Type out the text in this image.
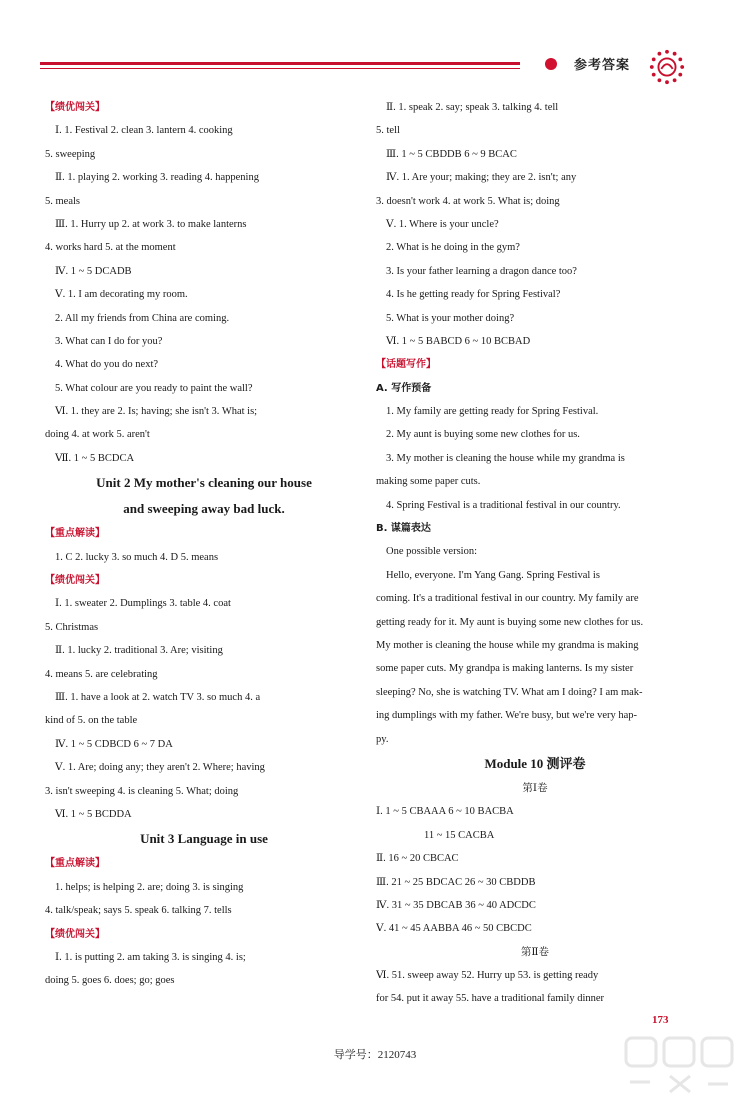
参考答案
【绩优闯关】
Ⅰ. 1. Festival 2. clean 3. lantern 4. cooking
5. sweeping
Ⅱ. 1. playing 2. working 3. reading 4. happening
5. meals
Ⅲ. 1. Hurry up 2. at work 3. to make lanterns
4. works hard 5. at the moment
Ⅳ. 1 ~ 5 DCADB
Ⅴ. 1. I am decorating my room.
2. All my friends from China are coming.
3. What can I do for you?
4. What do you do next?
5. What colour are you ready to paint the wall?
Ⅵ. 1. they are 2. Is; having; she isn't 3. What is;
doing 4. at work 5. aren't
Ⅶ. 1 ~ 5 BCDCA
Unit 2 My mother's cleaning our house
and sweeping away bad luck.
【重点解读】
1. C 2. lucky 3. so much 4. D 5. means
【绩优闯关】
Ⅰ. 1. sweater 2. Dumplings 3. table 4. coat
5. Christmas
Ⅱ. 1. lucky 2. traditional 3. Are; visiting
4. means 5. are celebrating
Ⅲ. 1. have a look at 2. watch TV 3. so much 4. a
kind of 5. on the table
Ⅳ. 1 ~ 5 CDBCD 6 ~ 7 DA
Ⅴ. 1. Are; doing any; they aren't 2. Where; having
3. isn't sweeping 4. is cleaning 5. What; doing
Ⅵ. 1 ~ 5 BCDDA
Unit 3 Language in use
【重点解读】
1. helps; is helping 2. are; doing 3. is singing
4. talk/speak; says 5. speak 6. talking 7. tells
【绩优闯关】
Ⅰ. 1. is putting 2. am taking 3. is singing 4. is;
doing 5. goes 6. does; go; goes
Ⅱ. 1. speak 2. say; speak 3. talking 4. tell
5. tell
Ⅲ. 1 ~ 5 CBDDB 6 ~ 9 BCAC
Ⅳ. 1. Are your; making; they are 2. isn't; any
3. doesn't work 4. at work 5. What is; doing
Ⅴ. 1. Where is your uncle?
2. What is he doing in the gym?
3. Is your father learning a dragon dance too?
4. Is he getting ready for Spring Festival?
5. What is your mother doing?
Ⅵ. 1 ~ 5 BABCD 6 ~ 10 BCBAD
【话题写作】
A. 写作预备
1. My family are getting ready for Spring Festival.
2. My aunt is buying some new clothes for us.
3. My mother is cleaning the house while my grandma is
making some paper cuts.
4. Spring Festival is a traditional festival in our country.
B. 谋篇表达
One possible version:
Hello, everyone. I'm Yang Gang. Spring Festival is
coming. It's a traditional festival in our country. My family are
getting ready for it. My aunt is buying some new clothes for us.
My mother is cleaning the house while my grandma is making
some paper cuts. My grandpa is making lanterns. Is my sister
sleeping? No, she is watching TV. What am I doing? I am mak-
ing dumplings with my father. We're busy, but we're very hap-
py.
Module 10 测评卷
第Ⅰ卷
Ⅰ. 1 ~ 5 CBAAA 6 ~ 10 BACBA
11 ~ 15 CACBA
Ⅱ. 16 ~ 20 CBCAC
Ⅲ. 21 ~ 25 BDCAC 26 ~ 30 CBDDB
Ⅳ. 31 ~ 35 DBCAB 36 ~ 40 ADCDC
Ⅴ. 41 ~ 45 AABBA 46 ~ 50 CBCDC
第Ⅱ卷
Ⅵ. 51. sweep away 52. Hurry up 53. is getting ready
for 54. put it away 55. have a traditional family dinner
173
导学号：2120743
